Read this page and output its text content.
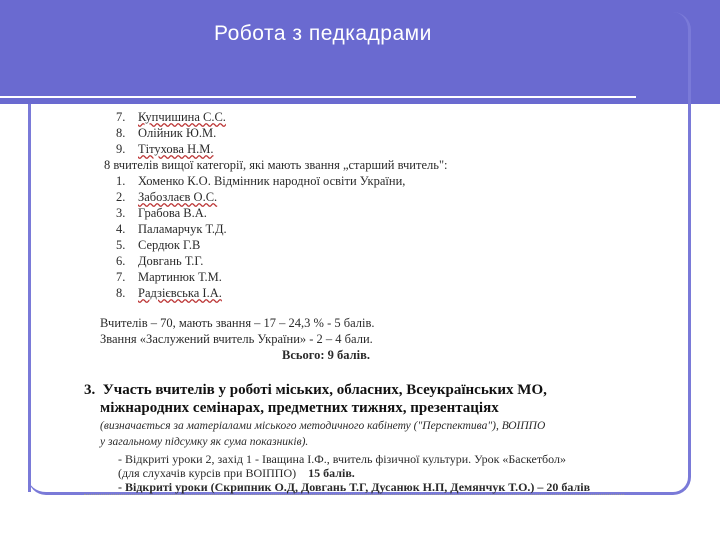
Робота з педкадрами
7. Купчишина С.С.
8. Олійник Ю.М.
9. Тітухова Н.М.
8 вчителів вищої категорії, які мають звання „старший вчитель":
1. Хоменко К.О. Відмінник народної освіти України,
2. Забозлаєв О.С.
3. Грабова В.А.
4. Паламарчук Т.Д.
5. Сердюк Г.В
6. Довгань Т.Г.
7. Мартинюк Т.М.
8. Радзієвська І.А.
Вчителів – 70, мають звання – 17 – 24,3 % - 5 балів.
Звання «Заслужений вчитель України» - 2 – 4 бали.
Всього: 9 балів.
3. Участь вчителів у роботі міських, обласних, Всеукраїнських МО,
міжнародних семінарах, предметних тижнях, презентаціях
(визначається за матеріалами міського методичного кабінету ("Перспектива"), ВОІППО
у загальному підсумку як сума показників).
- Відкриті уроки 2, захід 1 - Іващина І.Ф., вчитель фізичної культури. Урок «Баскетбол»
(для слухачів курсів при ВОІППО) 15 балів.
- Відкриті уроки (Скрипник О.Д, Довгань Т.Г, Дусанюк Н.П, Демянчук Т.О.) – 20 балів
